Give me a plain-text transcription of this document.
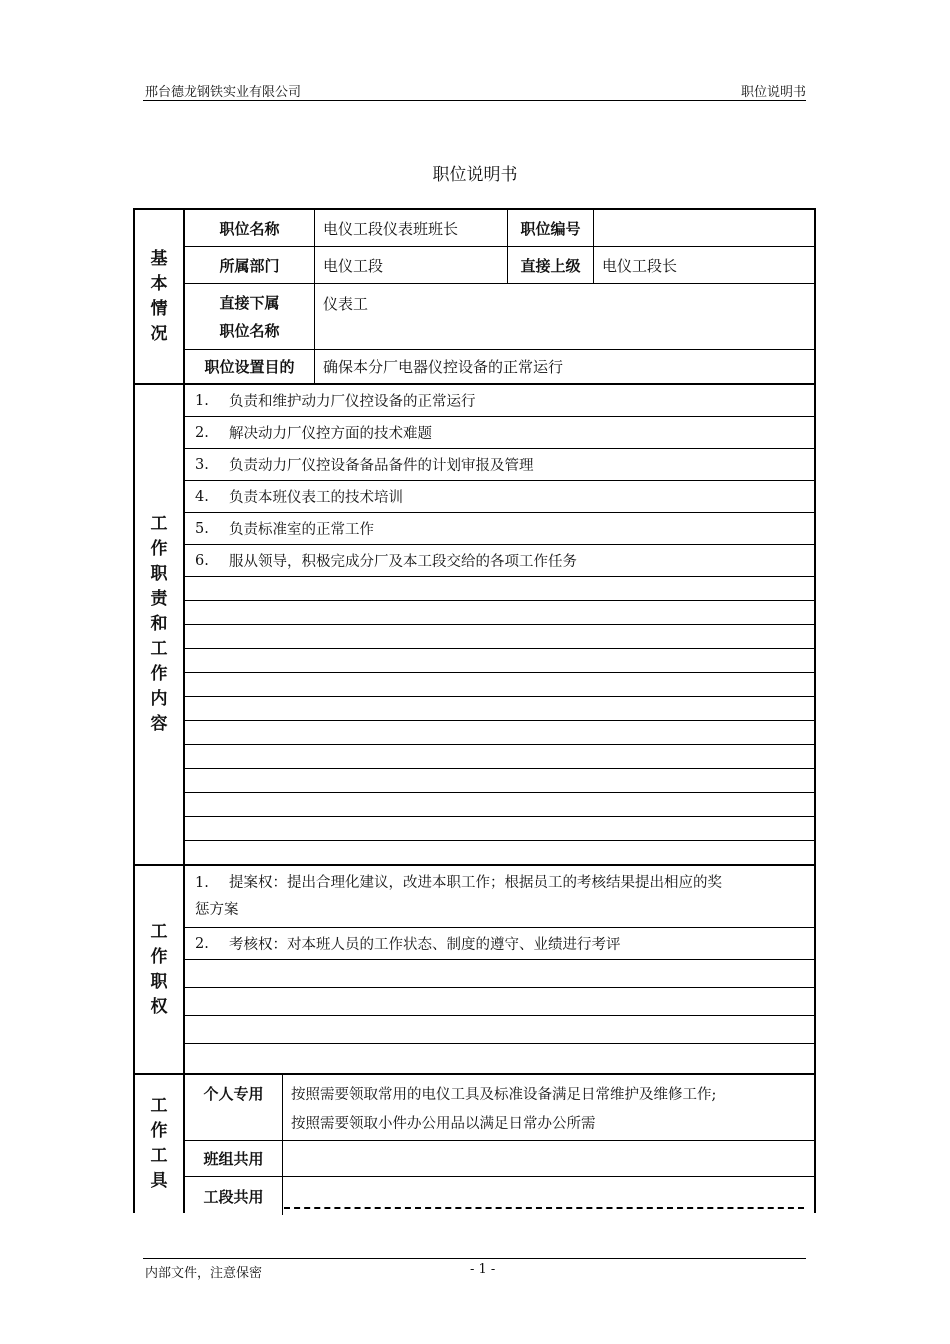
邢台德龙钢铁实业有限公司	职位说明书
职位说明书
基
本
情
况
职位名称	电仪工段仪表班班长	职位编号
所属部门	电仪工段	直接上级	电仪工段长
直接下属
职位名称
仪表工
职位设置目的	确保本分厂电器仪控设备的正常运行
工
作
职
责
和
工
作
内
容
1.	负责和维护动力厂仪控设备的正常运行
2.	解决动力厂仪控方面的技术难题
3.	负责动力厂仪控设备备品备件的计划审报及管理
4.	负责本班仪表工的技术培训
5.	负责标准室的正常工作
6.	服从领导，积极完成分厂及本工段交给的各项工作任务
工
作
职
权
1. 提案权：提出合理化建议，改进本职工作；根据员工的考核结果提出相应的奖
惩方案
2.	考核权：对本班人员的工作状态、制度的遵守、业绩进行考评
工
作
工
具
个人专用	按照需要领取常用的电仪工具及标准设备满足日常维护及维修工作;
按照需要领取小件办公用品以满足日常办公所需
班组共用
工段共用
内部文件，注意保密	- 1 -
